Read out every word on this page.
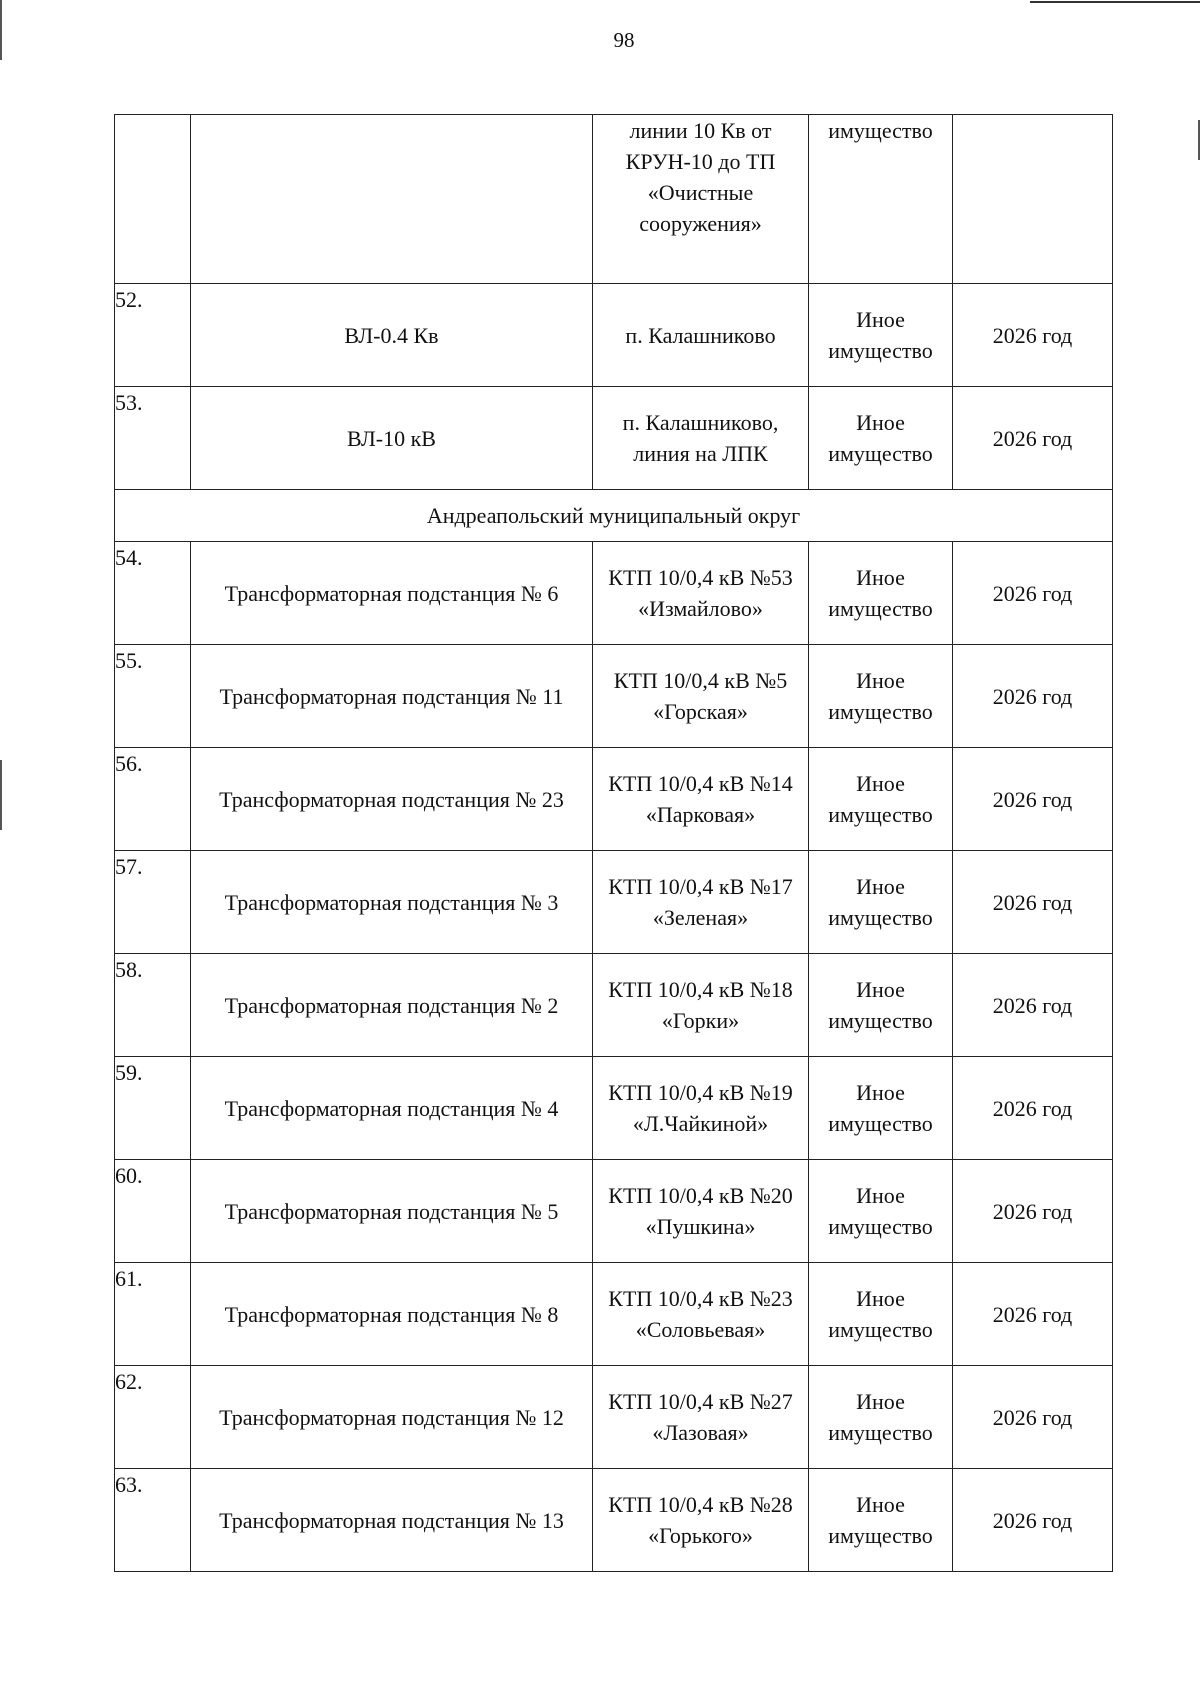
98

		линии 10 Кв от
КРУН-10 до ТП
«Очистные
сооружения»	имущество	

52.	ВЛ-0.4 Кв	п. Калашниково	Иное
имущество	2026 год
53.	ВЛ-10 кВ	п. Калашниково,
линия на ЛПК	Иное
имущество	2026 год
Андреапольский муниципальный округ				
54.	Трансформаторная подстанция № 6	КТП 10/0,4 кВ №53
«Измайлово»	Иное
имущество	2026 год
55.	Трансформаторная подстанция № 11	КТП 10/0,4 кВ №5
«Горская»	Иное
имущество	2026 год
56.	Трансформаторная подстанция № 23	КТП 10/0,4 кВ №14
«Парковая»	Иное
имущество	2026 год
57.	Трансформаторная подстанция № 3	КТП 10/0,4 кВ №17
«Зеленая»	Иное
имущество	2026 год
58.	Трансформаторная подстанция № 2	КТП 10/0,4 кВ №18
«Горки»	Иное
имущество	2026 год
59.	Трансформаторная подстанция № 4	КТП 10/0,4 кВ №19
«Л.Чайкиной»	Иное
имущество	2026 год
60.	Трансформаторная подстанция № 5	КТП 10/0,4 кВ №20
«Пушкина»	Иное
имущество	2026 год
61.	Трансформаторная подстанция № 8	КТП 10/0,4 кВ №23
«Соловьевая»	Иное
имущество	2026 год
62.	Трансформаторная подстанция № 12	КТП 10/0,4 кВ №27
«Лазовая»	Иное
имущество	2026 год
63.	Трансформаторная подстанция № 13	КТП 10/0,4 кВ №28
«Горького»	Иное
имущество	2026 год
